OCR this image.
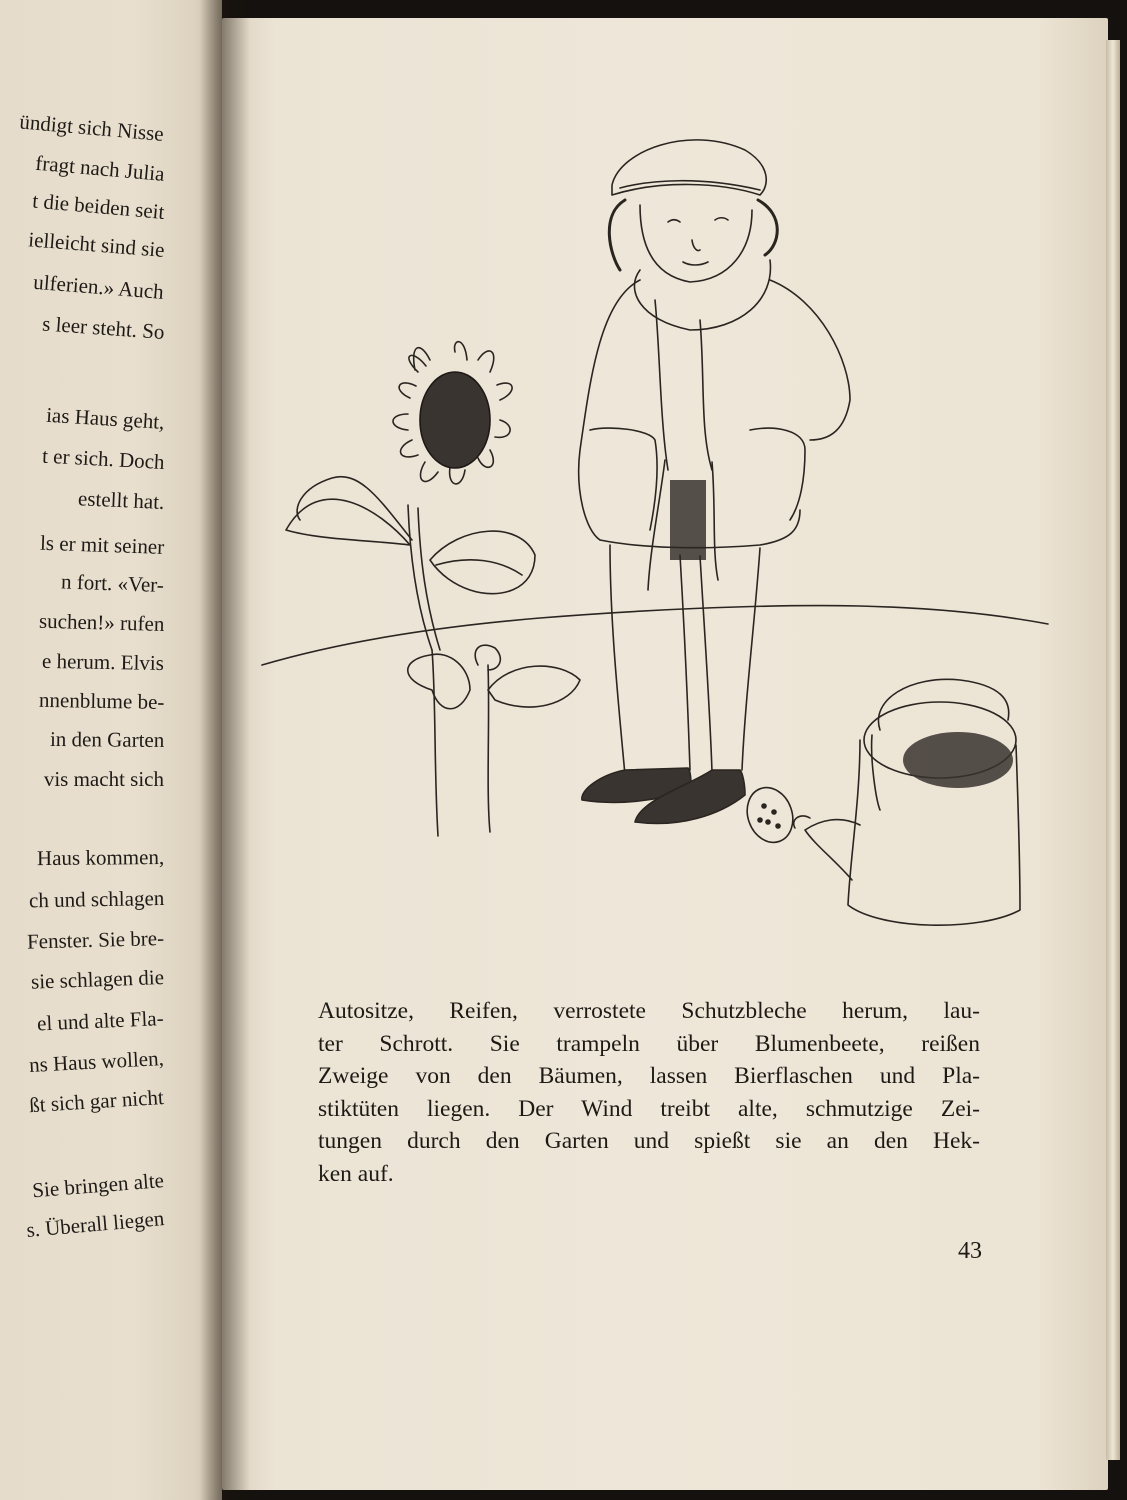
ündigt sich Nisse
fragt nach Julia
t die beiden seit
ielleicht sind sie
ulferien.» Auch
s leer steht. So
ias Haus geht,
t er sich. Doch
estellt hat.
ls er mit seiner
n fort. «Ver-
suchen!» rufen
e herum. Elvis
nnenblume be-
in den Garten
vis macht sich
Haus kommen,
ch und schlagen
Fenster. Sie bre-
sie schlagen die
el und alte Fla-
ns Haus wollen,
ßt sich gar nicht
Sie bringen alte
s. Überall liegen
Autositze, Reifen, verrostete Schutzbleche herum, lau-
ter Schrott. Sie trampeln über Blumenbeete, reißen
Zweige von den Bäumen, lassen Bierflaschen und Pla-
stiktüten liegen. Der Wind treibt alte, schmutzige Zei-
tungen durch den Garten und spießt sie an den Hek-
ken auf.
43
